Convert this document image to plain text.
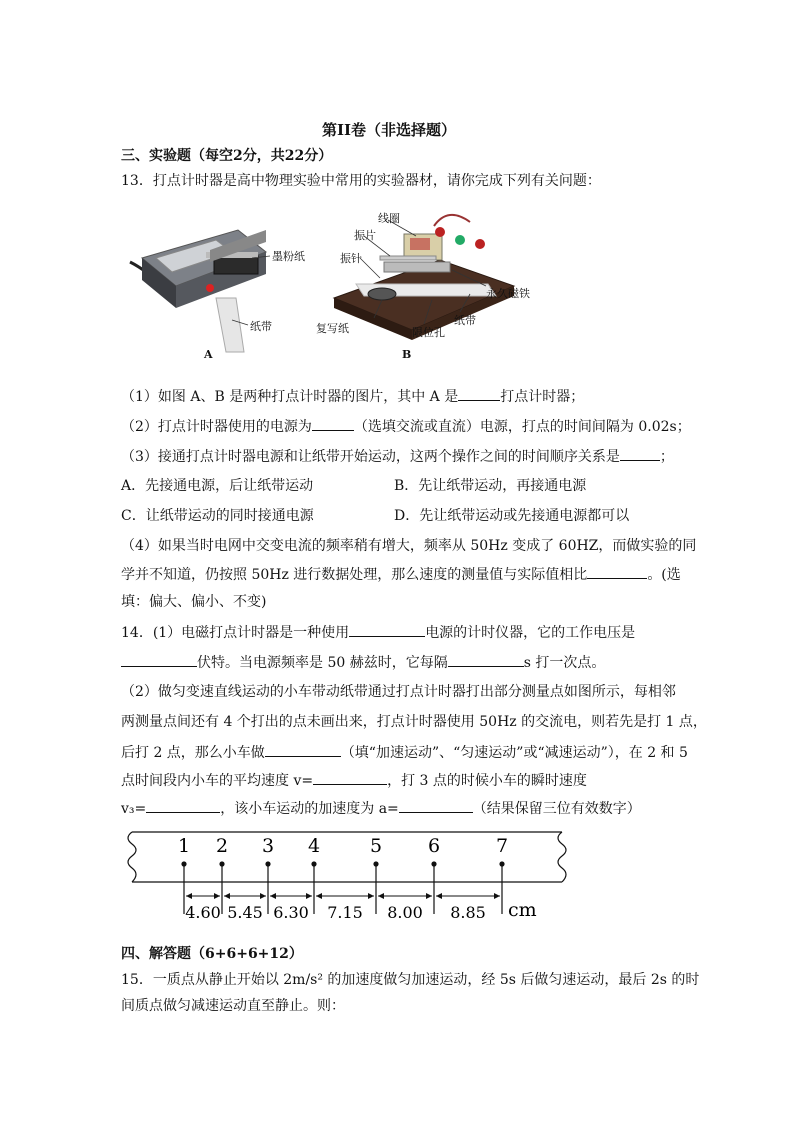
第II卷（非选择题）
三、实验题（每空2分，共22分）
13．打点计时器是高中物理实验中常用的实验器材，请你完成下列有关问题：
墨粉纸
纸带
A
线圈
振片
振针
永久磁铁
复写纸
纸带
限位孔
B
（1）如图 A、B 是两种打点计时器的图片，其中 A 是	打点计时器；
（2）打点计时器使用的电源为	（选填交流或直流）电源，打点的时间间隔为 0.02s；
（3）接通打点计时器电源和让纸带开始运动，这两个操作之间的时间顺序关系是	；
A．先接通电源，后让纸带运动	B．先让纸带运动，再接通电源
C．让纸带运动的同时接通电源	D．先让纸带运动或先接通电源都可以
（4）如果当时电网中交变电流的频率稍有增大，频率从 50Hz 变成了 60HZ，而做实验的同
学并不知道，仍按照 50Hz 进行数据处理，那么速度的测量值与实际值相比	。(选
填：偏大、偏小、不变)
14．(1）电磁打点计时器是一种使用	电源的计时仪器，它的工作电压是
伏特。当电源频率是 50 赫兹时，它每隔	s 打一次点。
（2）做匀变速直线运动的小车带动纸带通过打点计时器打出部分测量点如图所示，每相邻
两测量点间还有 4 个打出的点未画出来，打点计时器使用 50Hz 的交流电，则若先是打 1 点，
后打 2 点，那么小车做	（填“加速运动”、“匀速运动”或“减速运动”），在 2 和 5
点时间段内小车的平均速度 v=	，打 3 点的时候小车的瞬时速度
v₃=	，该小车运动的加速度为 a=	（结果保留三位有效数字）
1 2 3 4	5 6	7
4.60 5.45 6.30 7.15 8.00 8.85 cm
四、解答题（6+6+6+12）
15．一质点从静止开始以 2m/s² 的加速度做匀加速运动，经 5s 后做匀速运动，最后 2s 的时
间质点做匀减速运动直至静止。则：
